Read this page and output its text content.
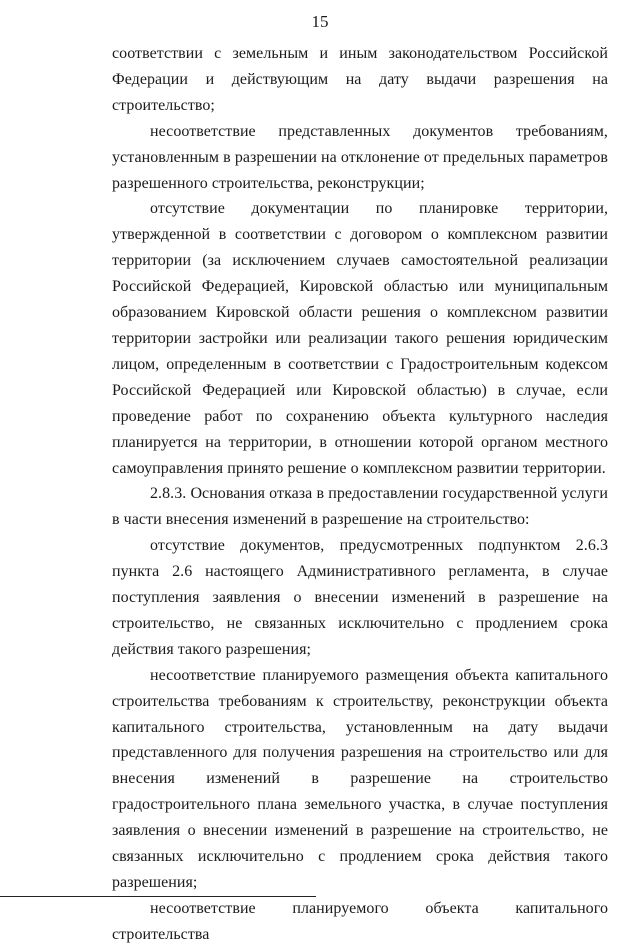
15

соответствии с земельным и иным законодательством Российской Федерации и действующим на дату выдачи разрешения на строительство;

несоответствие представленных документов требованиям, установленным в разрешении на отклонение от предельных параметров разрешенного строительства, реконструкции;

отсутствие документации по планировке территории, утвержденной в соответствии с договором о комплексном развитии территории (за исключением случаев самостоятельной реализации Российской Федерацией, Кировской областью или муниципальным образованием Кировской области решения о комплексном развитии территории застройки или реализации такого решения юридическим лицом, определенным в соответствии с Градостроительным кодексом Российской Федерацией или Кировской областью) в случае, если проведение работ по сохранению объекта культурного наследия планируется на территории, в отношении которой органом местного самоуправления принято решение о комплексном развитии территории.

2.8.3. Основания отказа в предоставлении государственной услуги в части внесения изменений в разрешение на строительство:

отсутствие документов, предусмотренных подпунктом 2.6.3 пункта 2.6 настоящего Административного регламента, в случае поступления заявления о внесении изменений в разрешение на строительство, не связанных исключительно с продлением срока действия такого разрешения;

несоответствие планируемого размещения объекта капитального строительства требованиям к строительству, реконструкции объекта капитального строительства, установленным на дату выдачи представленного для получения разрешения на строительство или для внесения изменений в разрешение на строительство градостроительного плана земельного участка, в случае поступления заявления о внесении изменений в разрешение на строительство, не связанных исключительно с продлением срока действия такого разрешения;

несоответствие планируемого объекта капитального строительства
